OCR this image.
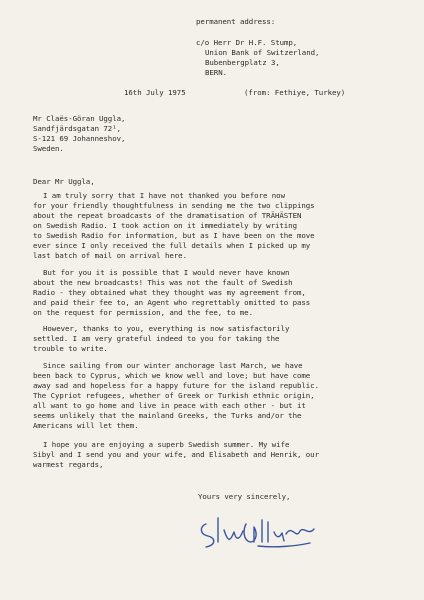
permanent address:

c/o Herr Dr H.F. Stump,

Union Bank of Switzerland,

Bubenbergplatz 3,

BERN.

16th July 1975	(from: Fethiye, Turkey)

Mr Claës-Göran Uggla,

Sandfjärdsgatan 72¹,

S-121 69 Johanneshov,

Sweden.

Dear Mr Uggla,

I am truly sorry that I have not thanked you before now
for your friendly thoughtfulness in sending me the two clippings
about the repeat broadcasts of the dramatisation of TRÄHÄSTEN
on Swedish Radio. I took action on it immediately by writing
to Swedish Radio for information, but as I have been on the move
ever since I only received the full details when I picked up my
last batch of mail on arrival here.
But for you it is possible that I would never have known
about the new broadcasts! This was not the fault of Swedish
Radio - they obtained what they thought was my agreement from,
and paid their fee to, an Agent who regrettably omitted to pass
on the request for permission, and the fee, to me.
However, thanks to you, everything is now satisfactorily
settled. I am very grateful indeed to you for taking the
trouble to write.
Since sailing from our winter anchorage last March, we have
been back to Cyprus, which we know well and love; but have come
away sad and hopeless for a happy future for the island republic.
The Cypriot refugees, whether of Greek or Turkish ethnic origin,
all want to go home and live in peace with each other - but it
seems unlikely that the mainland Greeks, the Turks and/or the
Americans will let them.
I hope you are enjoying a superb Swedish summer. My wife
Sibyl and I send you and your wife, and Elisabeth and Henrik, our
warmest regards,

Yours very sincerely,
